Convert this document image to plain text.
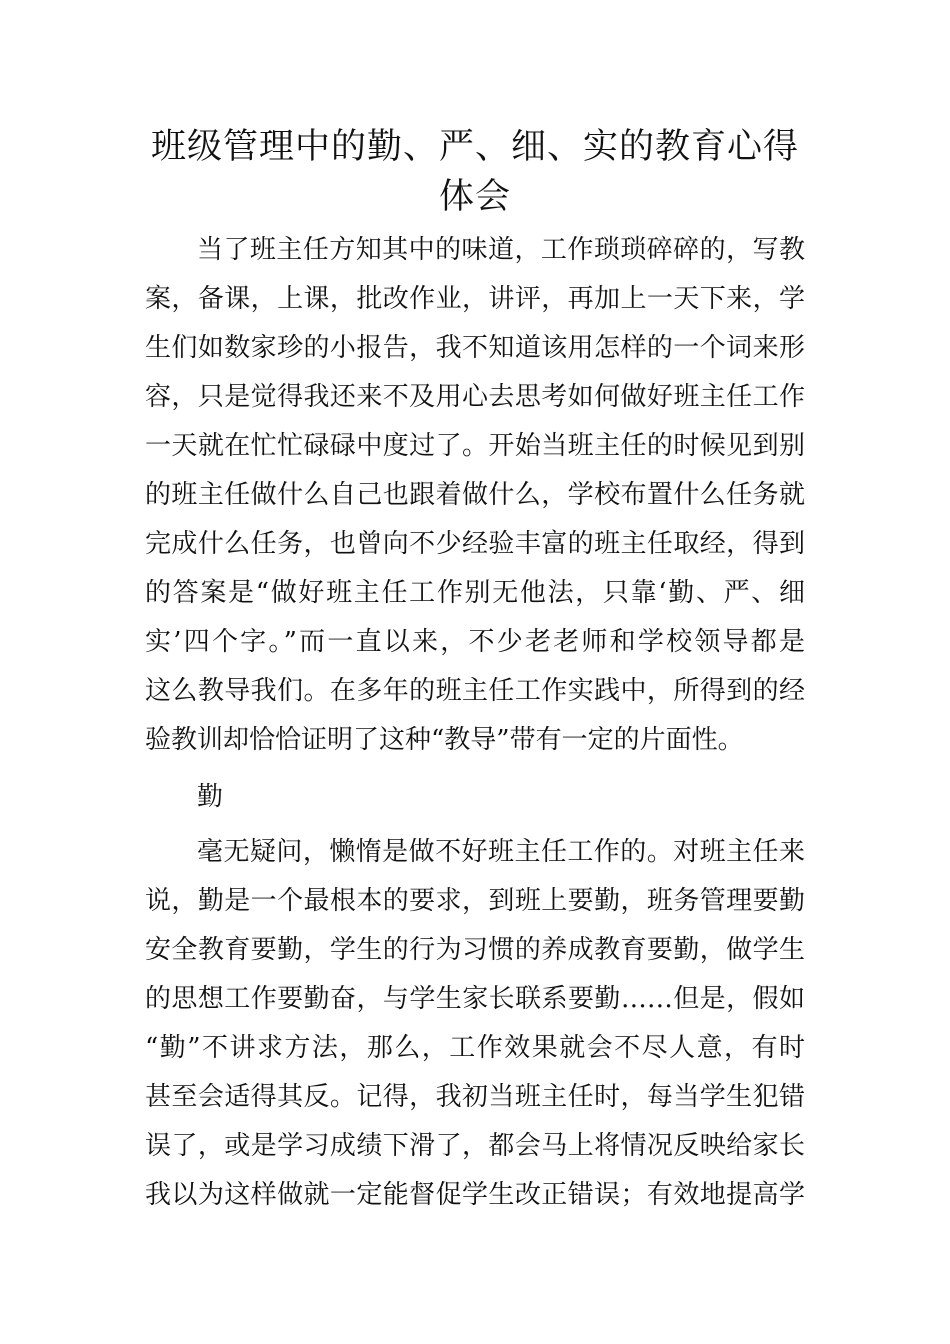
班级管理中的勤、严、细、实的教育心得
体会
当了班主任方知其中的味道，工作琐琐碎碎的，写教
案，备课，上课，批改作业，讲评，再加上一天下来，学
生们如数家珍的小报告，我不知道该用怎样的一个词来形
容，只是觉得我还来不及用心去思考如何做好班主任工作
一天就在忙忙碌碌中度过了。开始当班主任的时候见到别
的班主任做什么自己也跟着做什么，学校布置什么任务就
完成什么任务，也曾向不少经验丰富的班主任取经，得到
的答案是“做好班主任工作别无他法，只靠‘勤、严、细
实’四个字。”而一直以来，不少老老师和学校领导都是
这么教导我们。在多年的班主任工作实践中，所得到的经
验教训却恰恰证明了这种“教导”带有一定的片面性。
勤
毫无疑问，懒惰是做不好班主任工作的。对班主任来
说，勤是一个最根本的要求，到班上要勤，班务管理要勤
安全教育要勤，学生的行为习惯的养成教育要勤，做学生
的思想工作要勤奋，与学生家长联系要勤……但是，假如
“勤”不讲求方法，那么，工作效果就会不尽人意，有时
甚至会适得其反。记得，我初当班主任时，每当学生犯错
误了，或是学习成绩下滑了，都会马上将情况反映给家长
我以为这样做就一定能督促学生改正错误；有效地提高学
